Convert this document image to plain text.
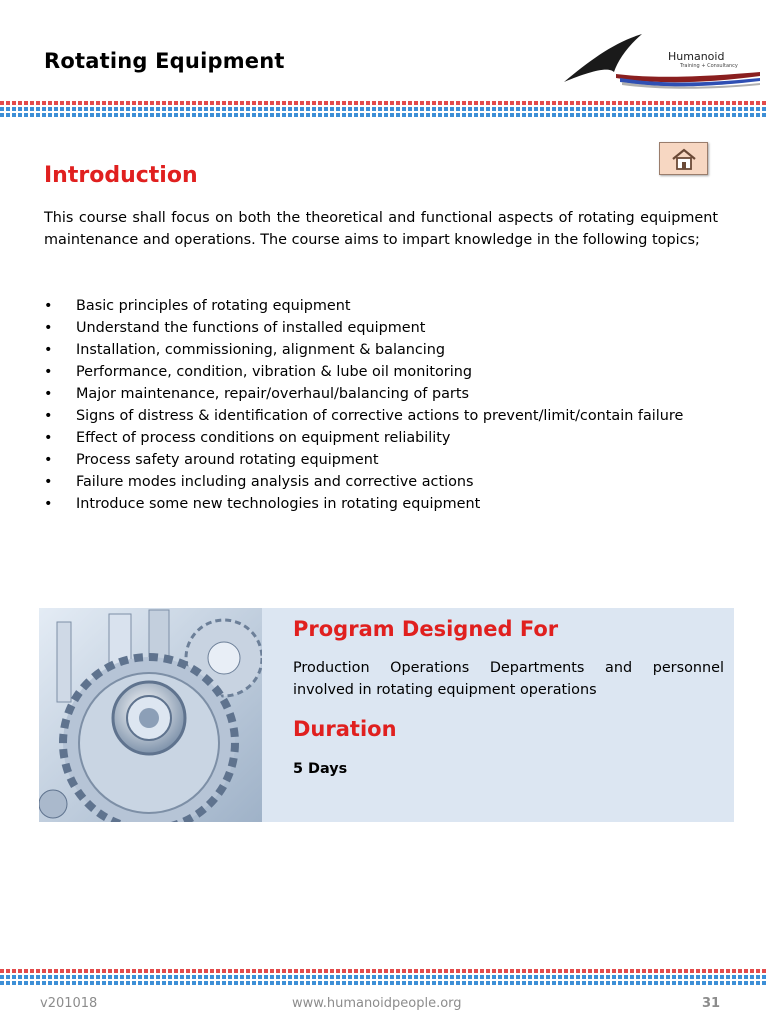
Rotating Equipment	Humanoid
Training + Consultancy
Introduction

This course shall focus on both the theoretical and functional aspects of rotating equipment maintenance and operations. The course aims to impart knowledge in the following topics;

• Basic principles of rotating equipment
• Understand the functions of installed equipment
• Installation, commissioning, alignment & balancing
• Performance, condition, vibration & lube oil monitoring
• Major maintenance, repair/overhaul/balancing of parts
• Signs of distress & identification of corrective actions to prevent/limit/contain failure
• Effect of process conditions on equipment reliability
• Process safety around rotating equipment
• Failure modes including analysis and corrective actions
• Introduce some new technologies in rotating equipment
Program Designed For

Production Operations Departments and personnel involved in rotating equipment operations

Duration
5 Days
v201018	www.humanoidpeople.org	31
